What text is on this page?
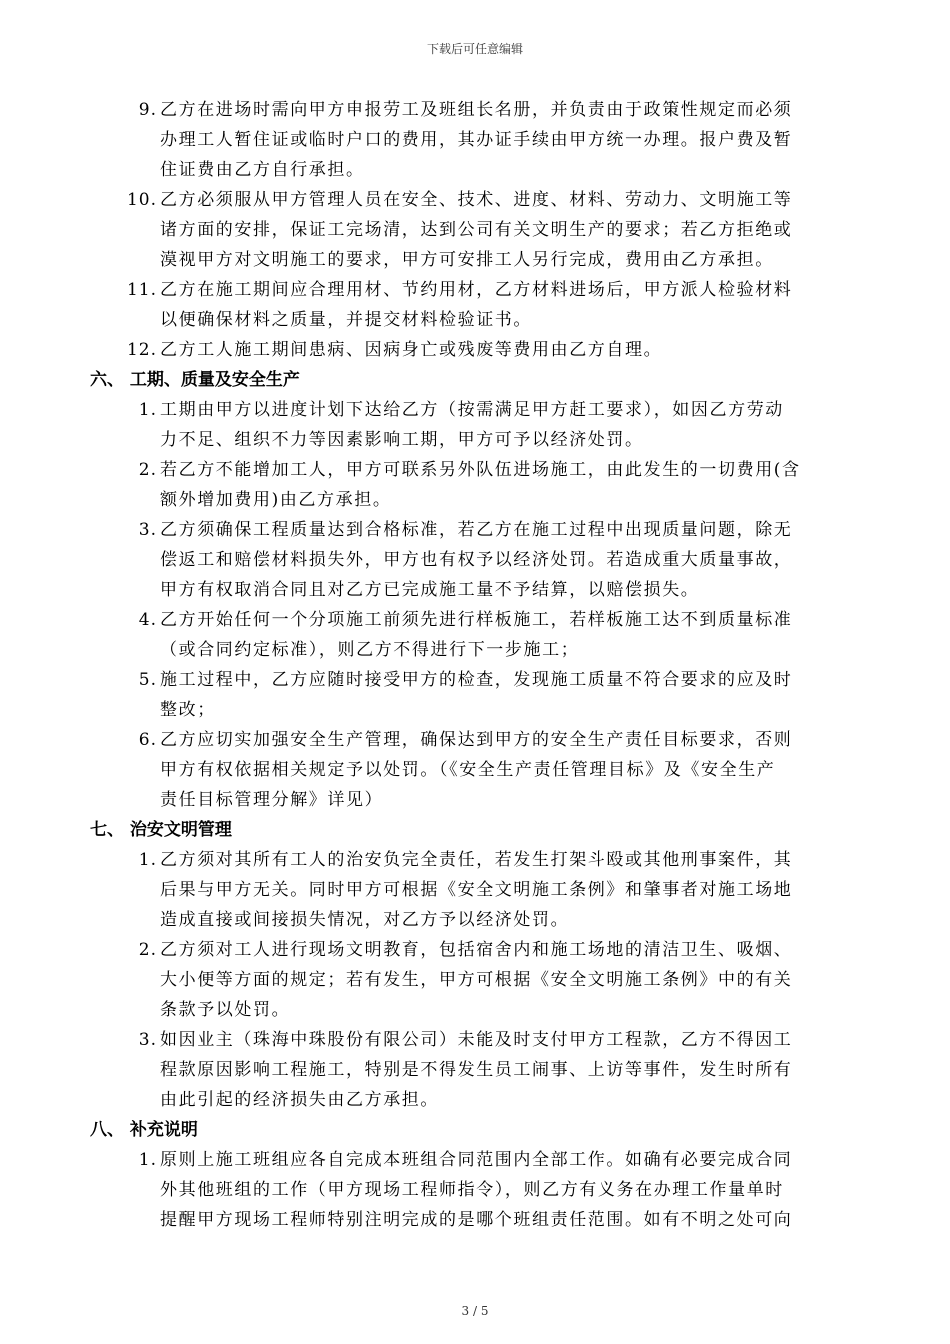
下载后可任意编辑
9. 乙方在进场时需向甲方申报劳工及班组长名册，并负责由于政策性规定而必须
办理工人暂住证或临时户口的费用，其办证手续由甲方统一办理。报户费及暂
住证费由乙方自行承担。
10. 乙方必须服从甲方管理人员在安全、技术、进度、材料、劳动力、文明施工等
诸方面的安排，保证工完场清，达到公司有关文明生产的要求；若乙方拒绝或
漠视甲方对文明施工的要求，甲方可安排工人另行完成，费用由乙方承担。
11. 乙方在施工期间应合理用材、节约用材，乙方材料进场后，甲方派人检验材料
以便确保材料之质量，并提交材料检验证书。
12. 乙方工人施工期间患病、因病身亡或残废等费用由乙方自理。
六、 工期、质量及安全生产
1. 工期由甲方以进度计划下达给乙方（按需满足甲方赶工要求），如因乙方劳动
力不足、组织不力等因素影响工期，甲方可予以经济处罚。
2. 若乙方不能增加工人，甲方可联系另外队伍进场施工，由此发生的一切费用(含
额外增加费用)由乙方承担。
3. 乙方须确保工程质量达到合格标准，若乙方在施工过程中出现质量问题，除无
偿返工和赔偿材料损失外，甲方也有权予以经济处罚。若造成重大质量事故，
甲方有权取消合同且对乙方已完成施工量不予结算，以赔偿损失。
4. 乙方开始任何一个分项施工前须先进行样板施工，若样板施工达不到质量标准
（或合同约定标准），则乙方不得进行下一步施工；
5. 施工过程中，乙方应随时接受甲方的检查，发现施工质量不符合要求的应及时
整改；
6. 乙方应切实加强安全生产管理，确保达到甲方的安全生产责任目标要求，否则
甲方有权依据相关规定予以处罚。（《安全生产责任管理目标》及《安全生产
责任目标管理分解》详见）
七、 治安文明管理
1. 乙方须对其所有工人的治安负完全责任，若发生打架斗殴或其他刑事案件，其
后果与甲方无关。同时甲方可根据《安全文明施工条例》和肇事者对施工场地
造成直接或间接损失情况，对乙方予以经济处罚。
2. 乙方须对工人进行现场文明教育，包括宿舍内和施工场地的清洁卫生、吸烟、
大小便等方面的规定；若有发生，甲方可根据《安全文明施工条例》中的有关
条款予以处罚。
3. 如因业主（珠海中珠股份有限公司）未能及时支付甲方工程款，乙方不得因工
程款原因影响工程施工，特别是不得发生员工闹事、上访等事件，发生时所有
由此引起的经济损失由乙方承担。
八、 补充说明
1. 原则上施工班组应各自完成本班组合同范围内全部工作。如确有必要完成合同
外其他班组的工作（甲方现场工程师指令），则乙方有义务在办理工作量单时
提醒甲方现场工程师特别注明完成的是哪个班组责任范围。如有不明之处可向
3 / 5
